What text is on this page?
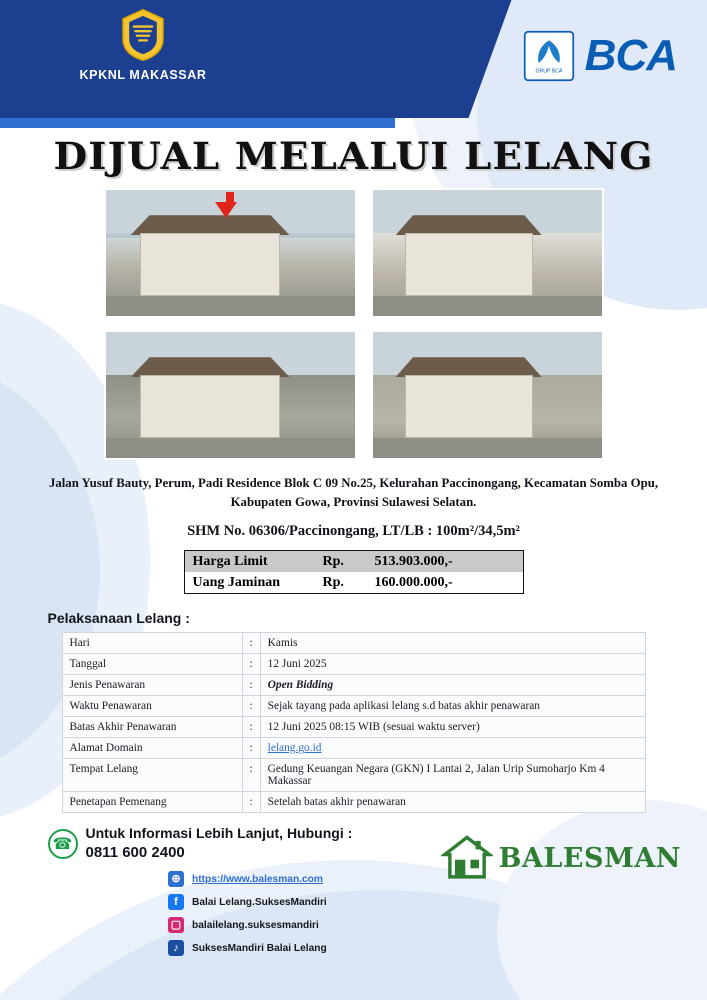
KPKNL MAKASSAR	GRUP BCA BCA
DIJUAL MELALUI LELANG
Jalan Yusuf Bauty, Perum, Padi Residence Blok C 09 No.25, Kelurahan Paccinongang, Kecamatan Somba Opu, Kabupaten Gowa, Provinsi Sulawesi Selatan.
SHM No. 06306/Paccinongang, LT/LB : 100m²/34,5m²
Harga Limit	Rp.	513.903.000,-
Uang Jaminan	Rp.	160.000.000,-
Pelaksanaan Lelang :
Hari	:	Kamis
Tanggal	:	12 Juni 2025
Jenis Penawaran	:	Open Bidding
Waktu Penawaran	:	Sejak tayang pada aplikasi lelang s.d batas akhir penawaran
Batas Akhir Penawaran	:	12 Juni 2025 08:15 WIB (sesuai waktu server)
Alamat Domain	:	lelang.go.id
Tempat Lelang	:	Gedung Keuangan Negara (GKN) I Lantai 2, Jalan Urip Sumoharjo Km 4 Makassar
Penetapan Pemenang	:	Setelah batas akhir penawaran
☎
Untuk Informasi Lebih Lanjut, Hubungi :
0811 600 2400
⊕	https://www.balesman.com
f	Balai Lelang.SuksesMandiri
▢ balailelang.suksesmandiri
♪	SuksesMandiri Balai Lelang
BALESMAN
